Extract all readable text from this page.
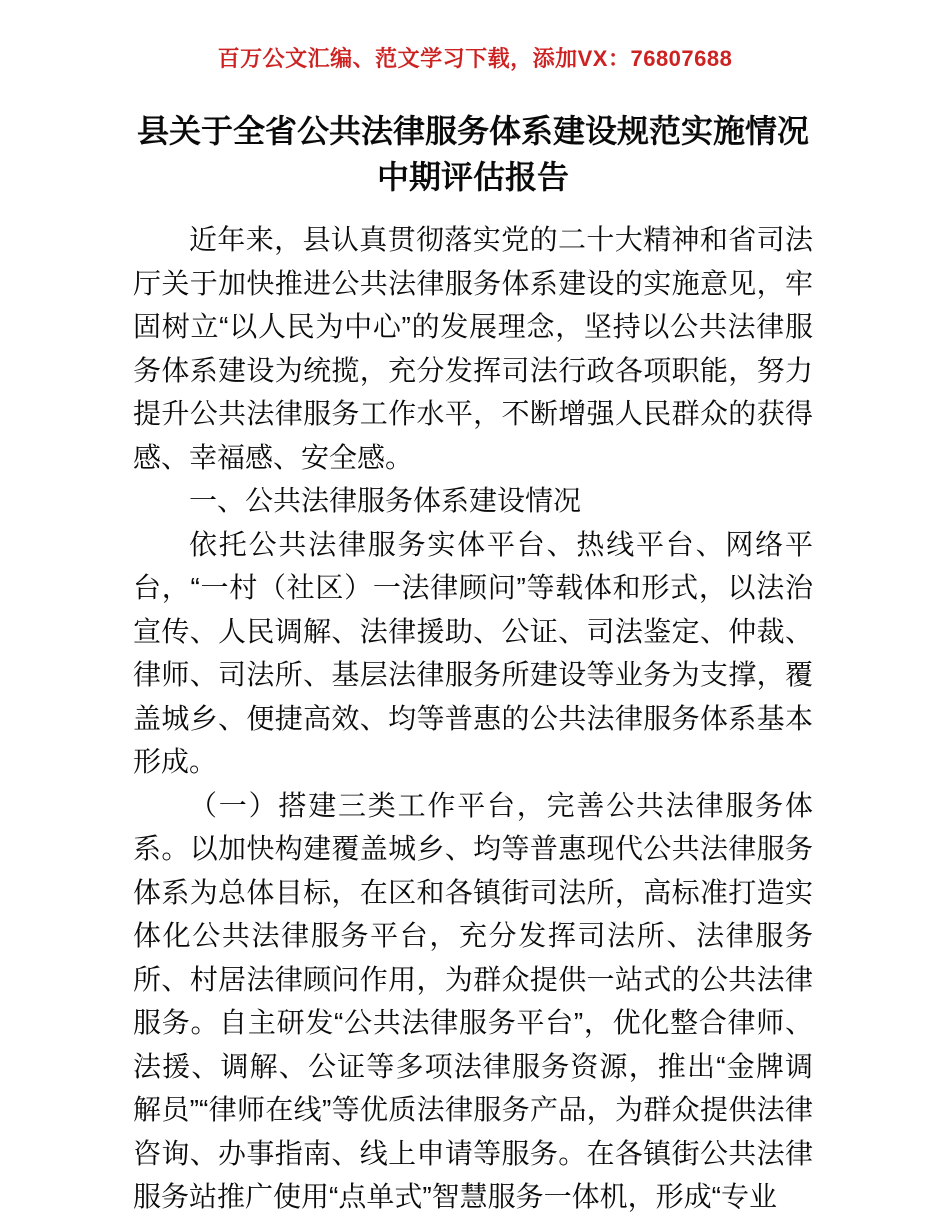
百万公文汇编、范文学习下载，添加VX：76807688
县关于全省公共法律服务体系建设规范实施情况中期评估报告

近年来，县认真贯彻落实党的二十大精神和省司法厅关于加快推进公共法律服务体系建设的实施意见，牢固树立“以人民为中心”的发展理念，坚持以公共法律服务体系建设为统揽，充分发挥司法行政各项职能，努力提升公共法律服务工作水平，不断增强人民群众的获得感、幸福感、安全感。

一、公共法律服务体系建设情况

依托公共法律服务实体平台、热线平台、网络平台，“一村（社区）一法律顾问”等载体和形式，以法治宣传、人民调解、法律援助、公证、司法鉴定、仲裁、律师、司法所、基层法律服务所建设等业务为支撑，覆盖城乡、便捷高效、均等普惠的公共法律服务体系基本形成。

（一）搭建三类工作平台，完善公共法律服务体系。以加快构建覆盖城乡、均等普惠现代公共法律服务体系为总体目标，在区和各镇街司法所，高标准打造实体化公共法律服务平台，充分发挥司法所、法律服务所、村居法律顾问作用，为群众提供一站式的公共法律服务。自主研发“公共法律服务平台”，优化整合律师、法援、调解、公证等多项法律服务资源，推出“金牌调解员”“律师在线”等优质法律服务产品，为群众提供法律咨询、办事指南、线上申请等服务。在各镇街公共法律服务站推广使用“点单式”智慧服务一体机，形成“专业
